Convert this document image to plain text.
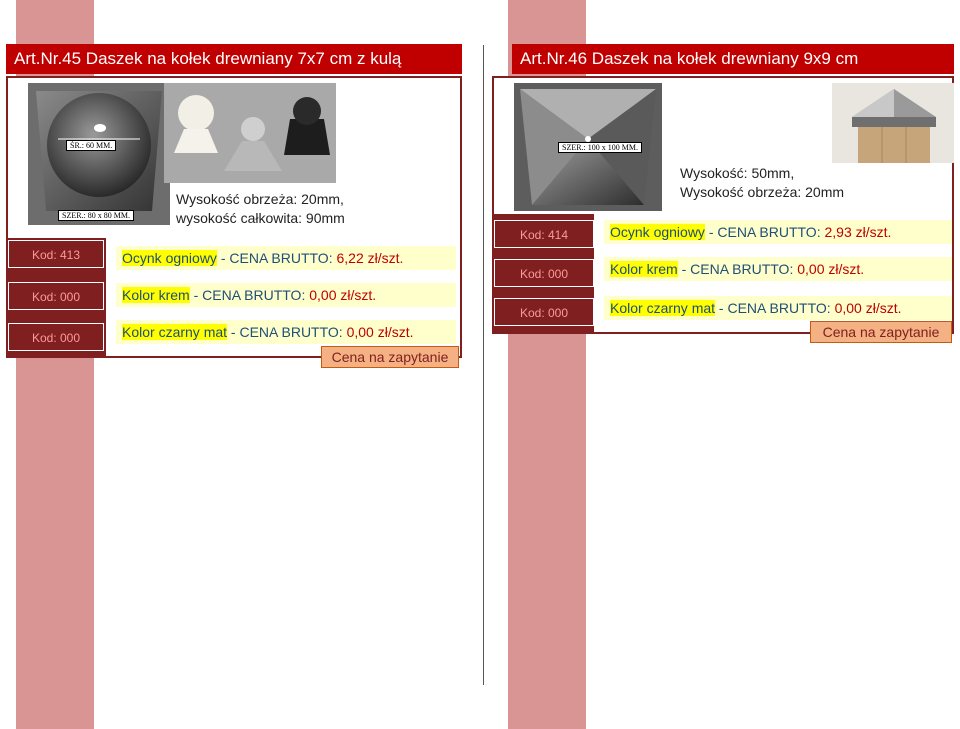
Art.Nr.45 Daszek na kołek drewniany 7x7 cm z kulą
ŚR.: 60 MM.
SZER.: 80 x 80 MM.
Wysokość obrzeża: 20mm,
wysokość całkowita: 90mm
Kod: 413
Kod: 000
Kod: 000
Ocynk ogniowy - CENA BRUTTO: 6,22 zł/szt.
Kolor krem - CENA BRUTTO: 0,00 zł/szt.
Kolor czarny mat - CENA BRUTTO: 0,00 zł/szt.
Cena na zapytanie
Art.Nr.46 Daszek na kołek drewniany 9x9 cm
SZER.: 100 x 100 MM.
Wysokość: 50mm,
Wysokość obrzeża: 20mm
Kod: 414
Kod: 000
Kod: 000
Ocynk ogniowy - CENA BRUTTO: 2,93 zł/szt.
Kolor krem - CENA BRUTTO: 0,00 zł/szt.
Kolor czarny mat - CENA BRUTTO: 0,00 zł/szt.
Cena na zapytanie
